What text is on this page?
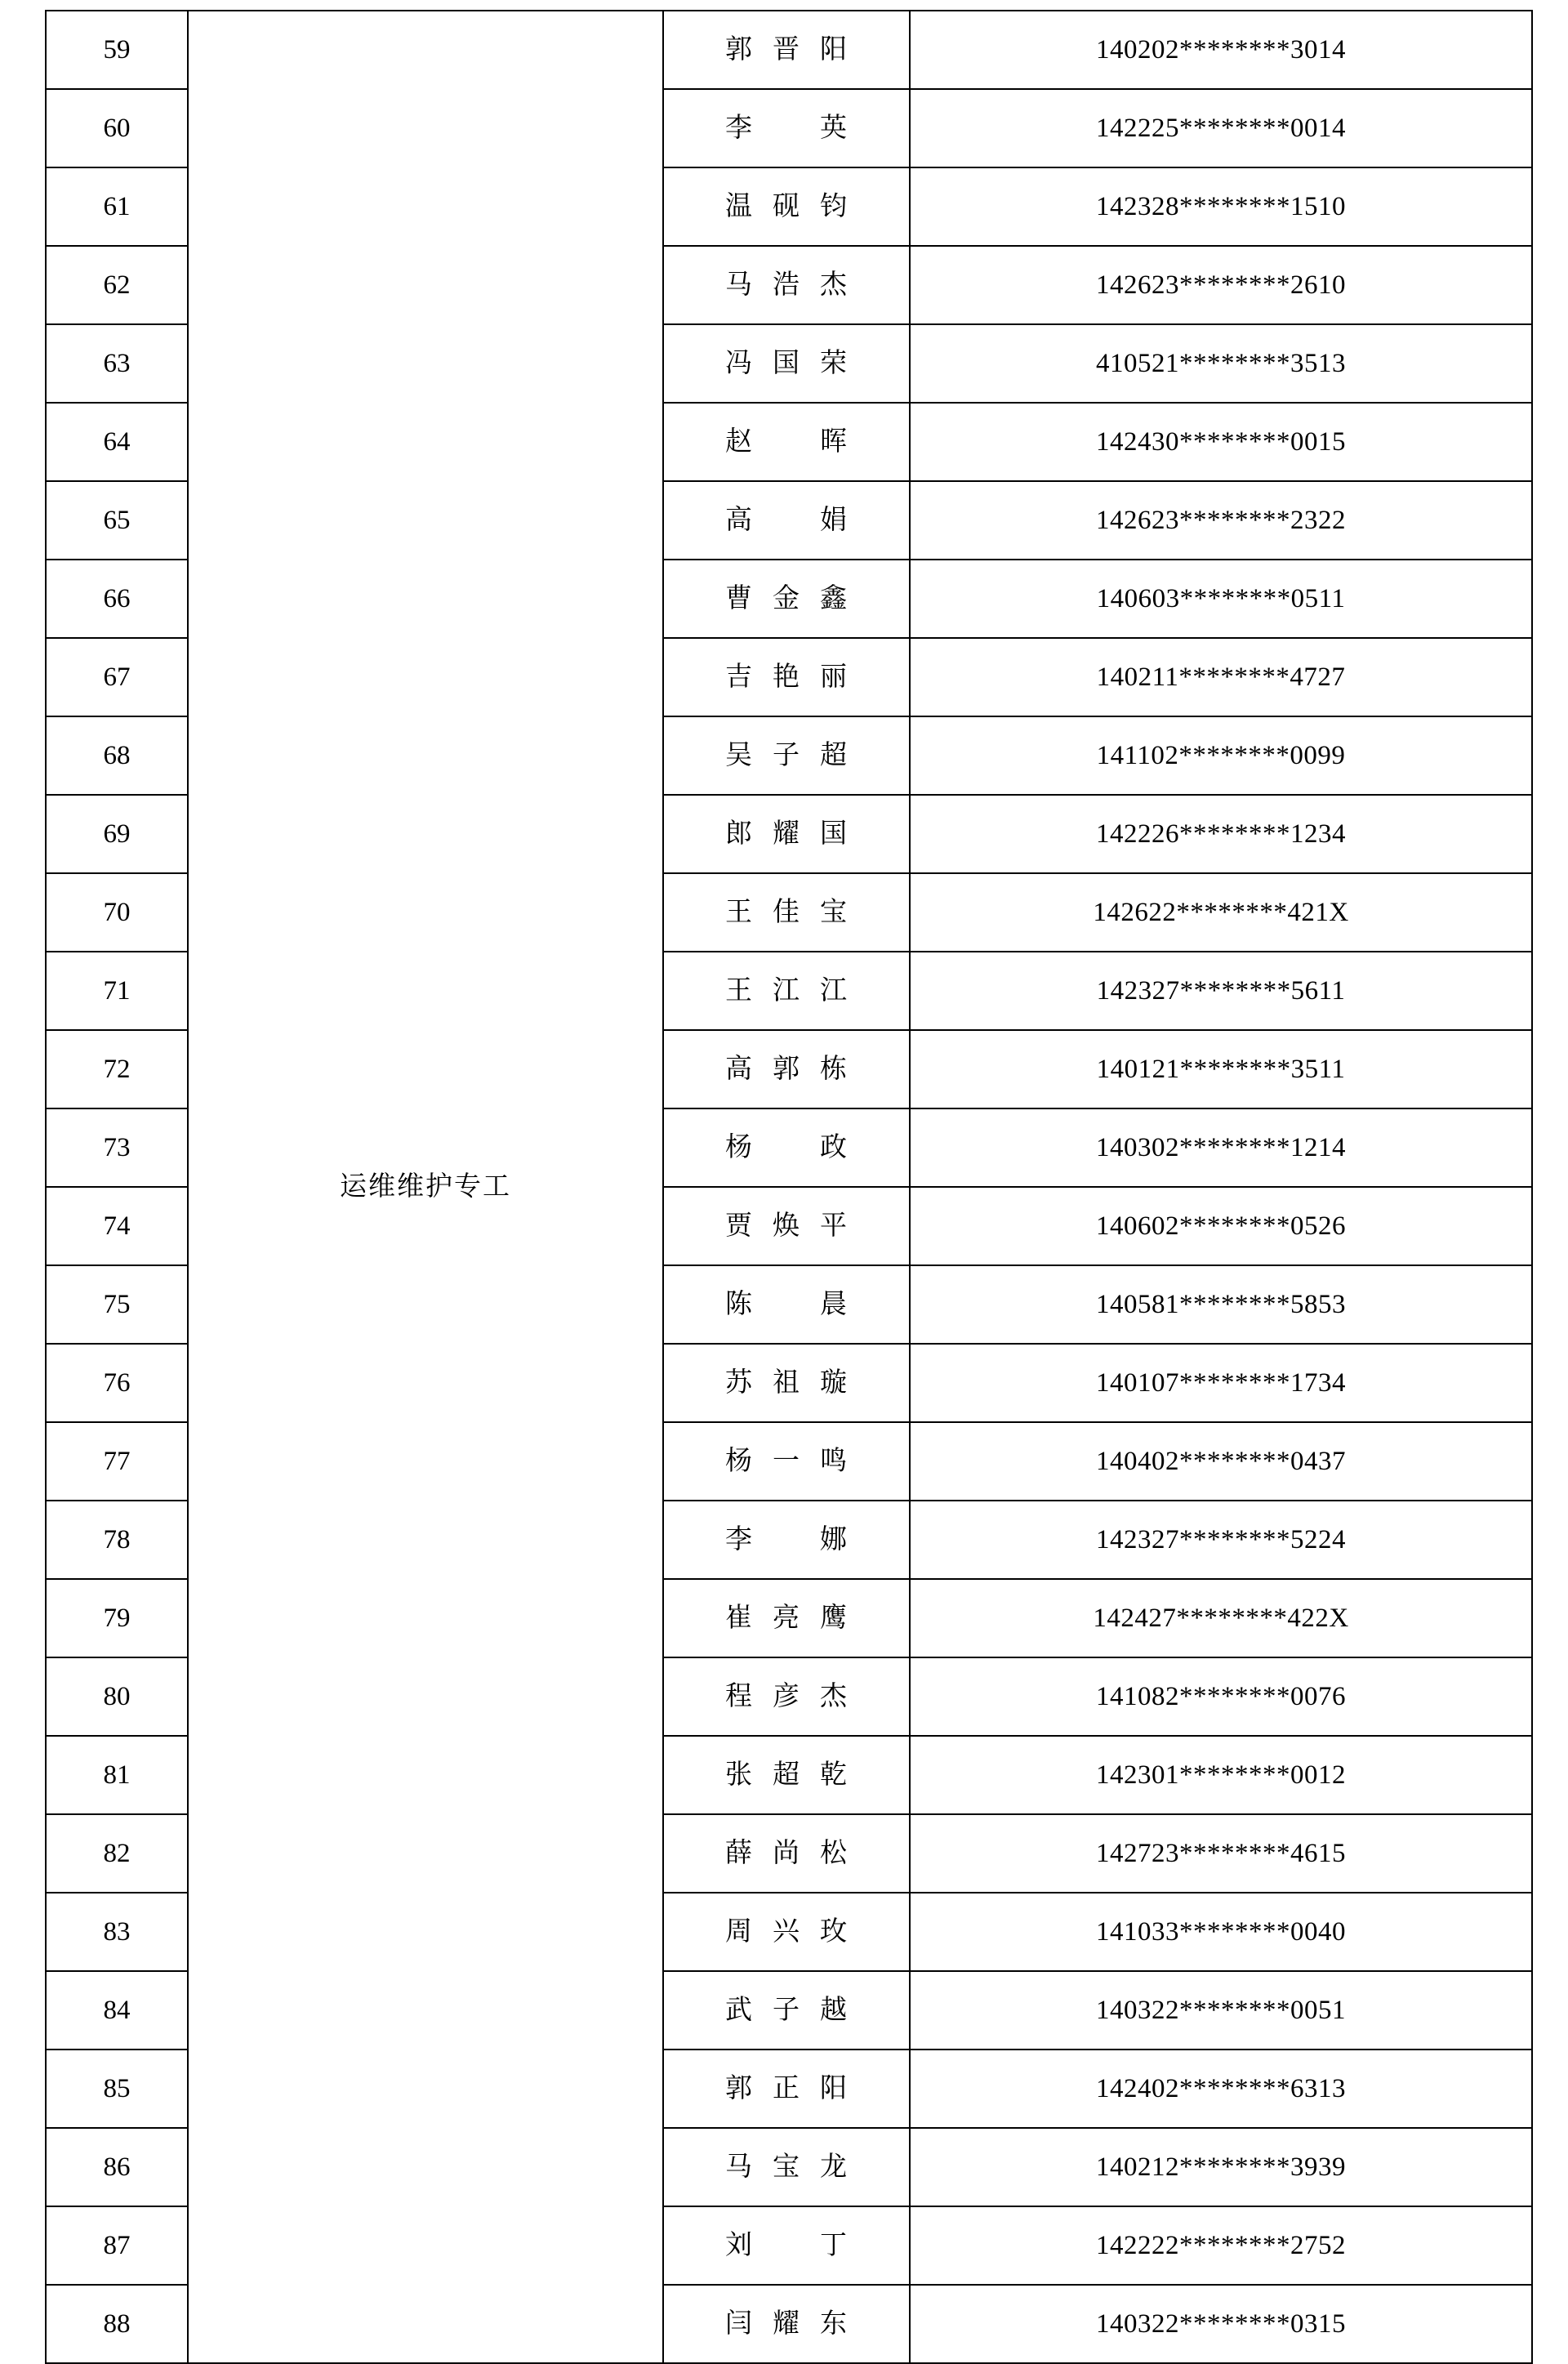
59	运维维护专工	郭晋阳	140202********3014
60		李 英	142225********0014
61		温砚钧	142328********1510
62		马浩杰	142623********2610
63		冯国荣	410521********3513
64		赵 晖	142430********0015
65		高 娟	142623********2322
66		曹金鑫	140603********0511
67		吉艳丽	140211********4727
68		吴子超	141102********0099
69		郎耀国	142226********1234
70		王佳宝	142622********421X
71		王江江	142327********5611
72		高郭栋	140121********3511
73		杨 政	140302********1214
74		贾焕平	140602********0526
75		陈 晨	140581********5853
76		苏祖璇	140107********1734
77		杨一鸣	140402********0437
78		李 娜	142327********5224
79		崔亮鹰	142427********422X
80		程彦杰	141082********0076
81		张超乾	142301********0012
82		薛尚松	142723********4615
83		周兴玫	141033********0040
84		武子越	140322********0051
85		郭正阳	142402********6313
86		马宝龙	140212********3939
87		刘 丁	142222********2752
88		闫耀东	140322********0315
